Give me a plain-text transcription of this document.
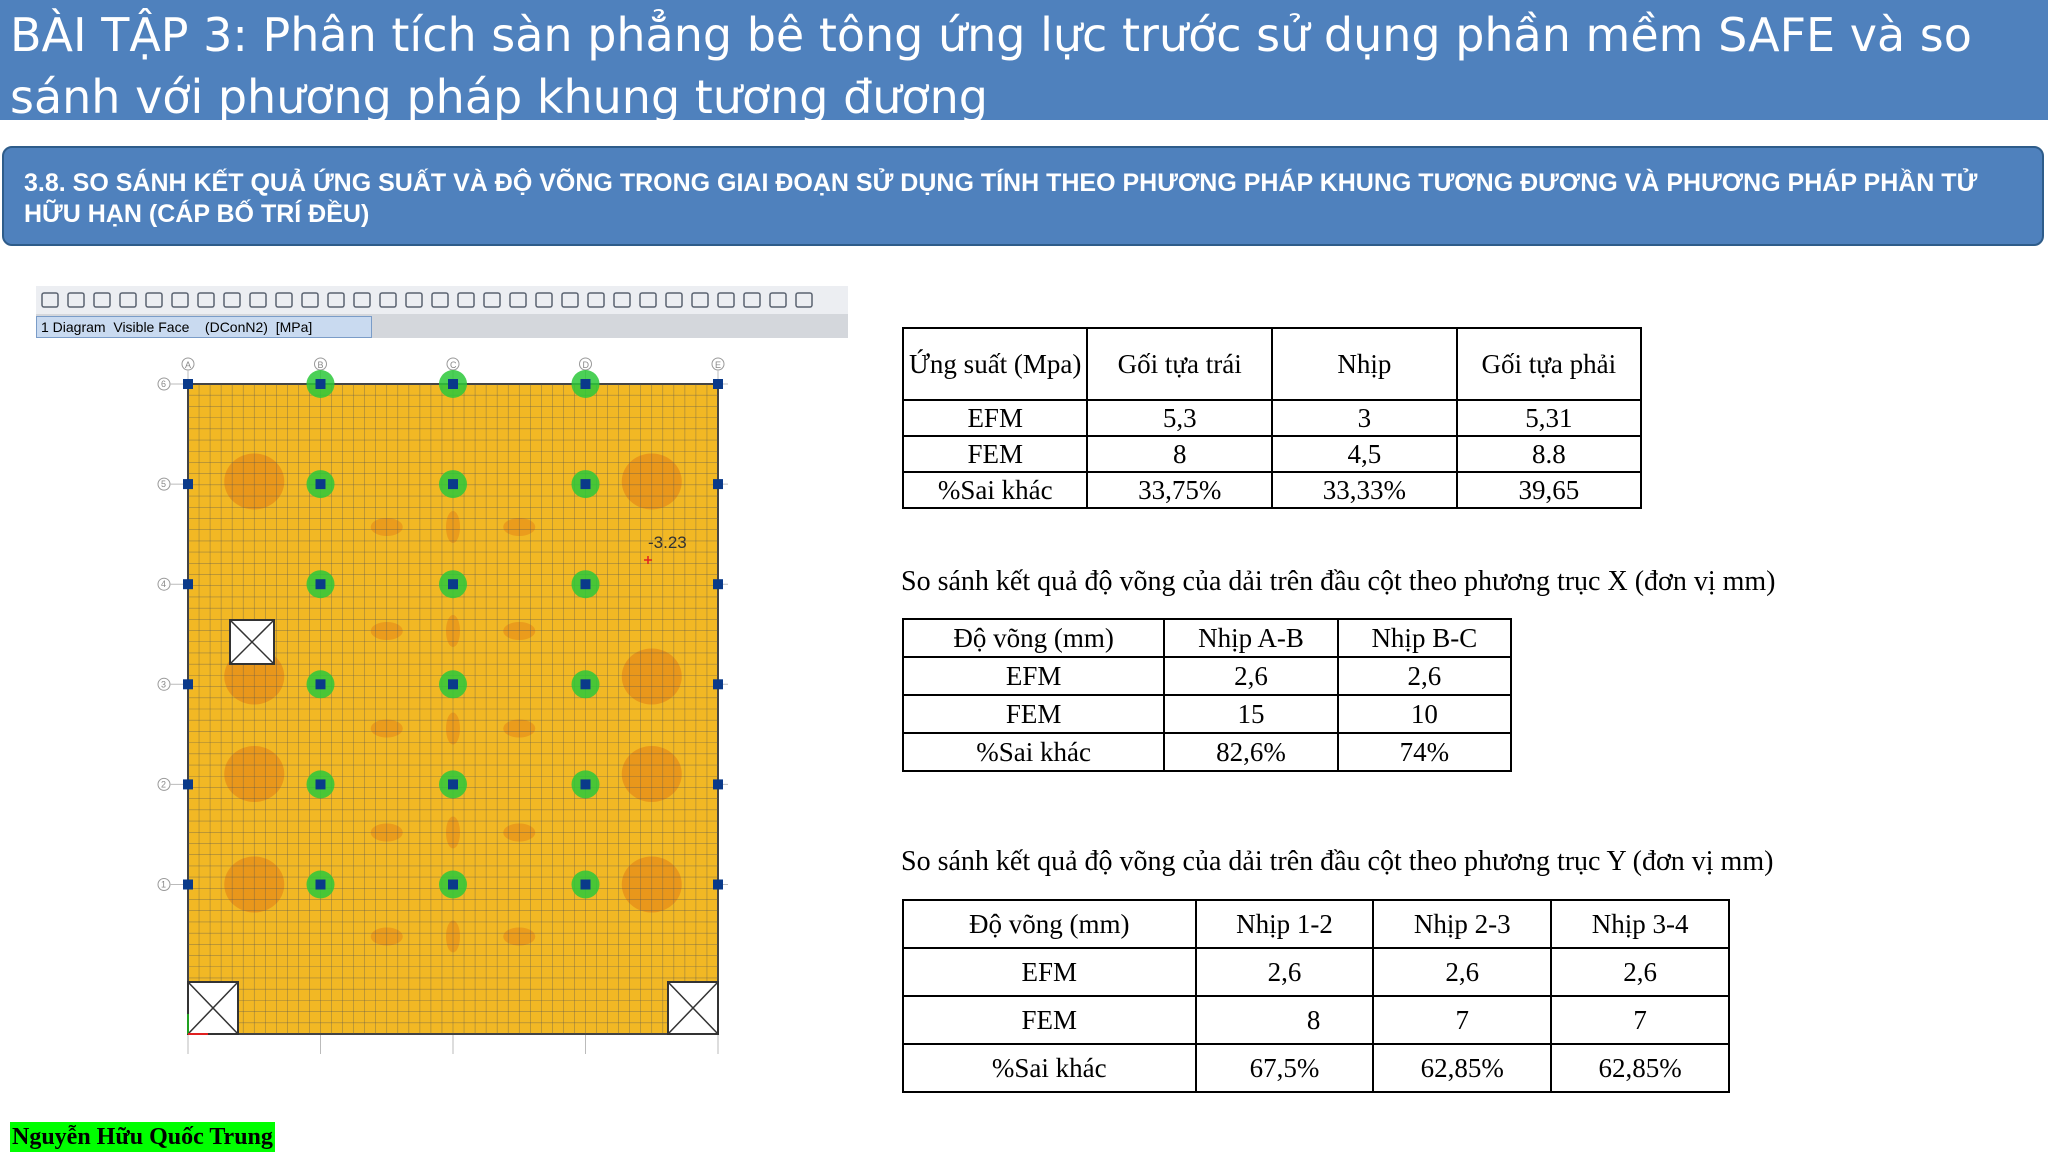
BÀI TẬP 3: Phân tích sàn phẳng bê tông ứng lực trước sử dụng phần mềm SAFE và so sánh với phương pháp khung tương đương
3.8. SO SÁNH KẾT QUẢ ỨNG SUẤT VÀ ĐỘ VÕNG TRONG GIAI ĐOẠN SỬ DỤNG TÍNH THEO PHƯƠNG PHÁP KHUNG TƯƠNG ĐƯƠNG VÀ PHƯƠNG PHÁP PHẦN TỬ HỮU HẠN (CÁP BỐ TRÍ ĐỀU)
1 Diagram  Visible Face    (DConN2)  [MPa]
A	B	C	D	E
6
5
4
3
2
1
-3.23
Ứng suất (Mpa)	Gối tựa trái	Nhịp	Gối tựa phải
EFM	5,3	3	5,31
FEM	8	4,5	8.8
%Sai khác	33,75%	33,33%	39,65
So sánh kết quả độ võng của dải trên đầu cột theo phương trục X (đơn vị mm)
Độ võng (mm)	Nhịp A-B	Nhịp B-C
EFM	2,6	2,6
FEM	15	10
%Sai khác	82,6%	74%
So sánh kết quả độ võng của dải trên đầu cột theo phương trục Y (đơn vị mm)
Độ võng (mm)	Nhịp 1-2	Nhịp 2-3	Nhịp 3-4
EFM	2,6	2,6	2,6
FEM	8	7	7
%Sai khác	67,5%	62,85%	62,85%
Nguyễn Hữu Quốc Trung
